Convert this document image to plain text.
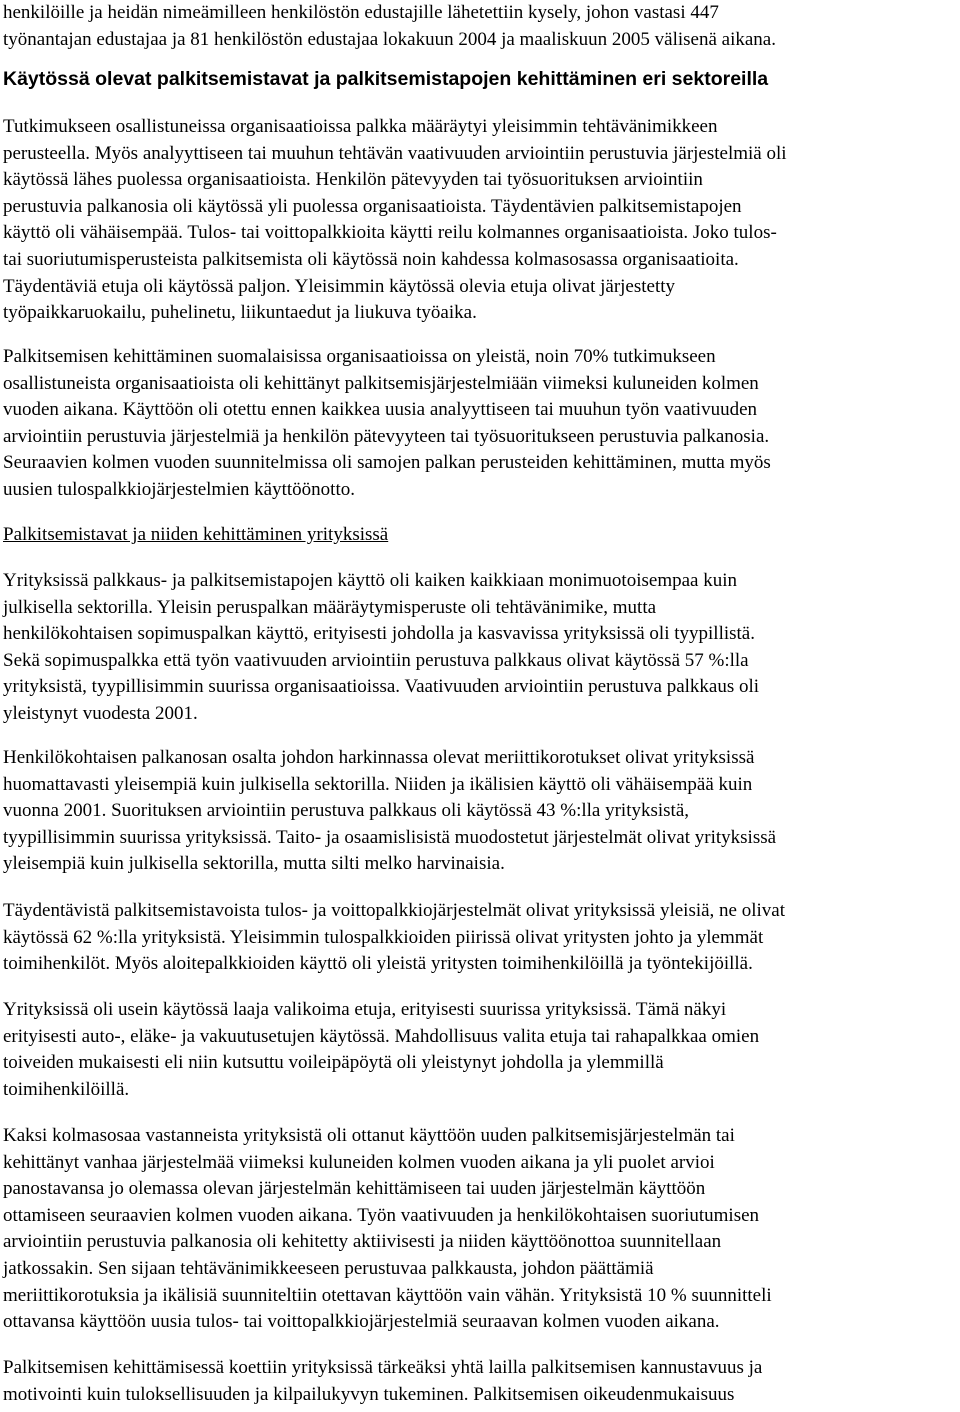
henkilöille ja heidän nimeämilleen henkilöstön edustajille lähetettiin kysely, johon vastasi 447
työnantajan edustajaa ja 81 henkilöstön edustajaa lokakuun 2004 ja maaliskuun 2005 välisenä aikana.
Käytössä olevat palkitsemistavat ja palkitsemistapojen kehittäminen eri sektoreilla
Tutkimukseen osallistuneissa organisaatioissa palkka määräytyi yleisimmin tehtävänimikkeen
perusteella. Myös analyyttiseen tai muuhun tehtävän vaativuuden arviointiin perustuvia järjestelmiä oli
käytössä lähes puolessa organisaatioista. Henkilön pätevyyden tai työsuorituksen arviointiin
perustuvia palkanosia oli käytössä yli puolessa organisaatioista. Täydentävien palkitsemistapojen
käyttö oli vähäisempää. Tulos- tai voittopalkkioita käytti reilu kolmannes organisaatioista. Joko tulos-
tai suoriutumisperusteista palkitsemista oli käytössä noin kahdessa kolmasosassa organisaatioita.
Täydentäviä etuja oli käytössä paljon. Yleisimmin käytössä olevia etuja olivat järjestetty
työpaikkaruokailu, puhelinetu, liikuntaedut ja liukuva työaika.
Palkitsemisen kehittäminen suomalaisissa organisaatioissa on yleistä, noin 70% tutkimukseen
osallistuneista organisaatioista oli kehittänyt palkitsemisjärjestelmiään viimeksi kuluneiden kolmen
vuoden aikana. Käyttöön oli otettu ennen kaikkea uusia analyyttiseen tai muuhun työn vaativuuden
arviointiin perustuvia järjestelmiä ja henkilön pätevyyteen tai työsuoritukseen perustuvia palkanosia.
Seuraavien kolmen vuoden suunnitelmissa oli samojen palkan perusteiden kehittäminen, mutta myös
uusien tulospalkkiojärjestelmien käyttöönotto.
Palkitsemistavat ja niiden kehittäminen yrityksissä
Yrityksissä palkkaus- ja palkitsemistapojen käyttö oli kaiken kaikkiaan monimuotoisempaa kuin
julkisella sektorilla. Yleisin peruspalkan määräytymisperuste oli tehtävänimike, mutta
henkilökohtaisen sopimuspalkan käyttö, erityisesti johdolla ja kasvavissa yrityksissä oli tyypillistä.
Sekä sopimuspalkka että työn vaativuuden arviointiin perustuva palkkaus olivat käytössä 57 %:lla
yrityksistä, tyypillisimmin suurissa organisaatioissa. Vaativuuden arviointiin perustuva palkkaus oli
yleistynyt vuodesta 2001.
Henkilökohtaisen palkanosan osalta johdon harkinnassa olevat meriittikorotukset olivat yrityksissä
huomattavasti yleisempiä kuin julkisella sektorilla. Niiden ja ikälisien käyttö oli vähäisempää kuin
vuonna 2001. Suorituksen arviointiin perustuva palkkaus oli käytössä 43 %:lla yrityksistä,
tyypillisimmin suurissa yrityksissä. Taito- ja osaamislisistä muodostetut järjestelmät olivat yrityksissä
yleisempiä kuin julkisella sektorilla, mutta silti melko harvinaisia.
Täydentävistä palkitsemistavoista tulos- ja voittopalkkiojärjestelmät olivat yrityksissä yleisiä, ne olivat
käytössä 62 %:lla yrityksistä. Yleisimmin tulospalkkioiden piirissä olivat yritysten johto ja ylemmät
toimihenkilöt. Myös aloitepalkkioiden käyttö oli yleistä yritysten toimihenkilöillä ja työntekijöillä.
Yrityksissä oli usein käytössä laaja valikoima etuja, erityisesti suurissa yrityksissä. Tämä näkyi
erityisesti auto-, eläke- ja vakuutusetujen käytössä. Mahdollisuus valita etuja tai rahapalkkaa omien
toiveiden mukaisesti eli niin kutsuttu voileipäpöytä oli yleistynyt johdolla ja ylemmillä
toimihenkilöillä.
Kaksi kolmasosaa vastanneista yrityksistä oli ottanut käyttöön uuden palkitsemisjärjestelmän tai
kehittänyt vanhaa järjestelmää viimeksi kuluneiden kolmen vuoden aikana ja yli puolet arvioi
panostavansa jo olemassa olevan järjestelmän kehittämiseen tai uuden järjestelmän käyttöön
ottamiseen seuraavien kolmen vuoden aikana. Työn vaativuuden ja henkilökohtaisen suoriutumisen
arviointiin perustuvia palkanosia oli kehitetty aktiivisesti ja niiden käyttöönottoa suunnitellaan
jatkossakin. Sen sijaan tehtävänimikkeeseen perustuvaa palkkausta, johdon päättämiä
meriittikorotuksia ja ikälisiä suunniteltiin otettavan käyttöön vain vähän. Yrityksistä 10 % suunnitteli
ottavansa käyttöön uusia tulos- tai voittopalkkiojärjestelmiä seuraavan kolmen vuoden aikana.
Palkitsemisen kehittämisessä koettiin yrityksissä tärkeäksi yhtä lailla palkitsemisen kannustavuus ja
motivointi kuin tuloksellisuuden ja kilpailukyvyn tukeminen. Palkitsemisen oikeudenmukaisuus
